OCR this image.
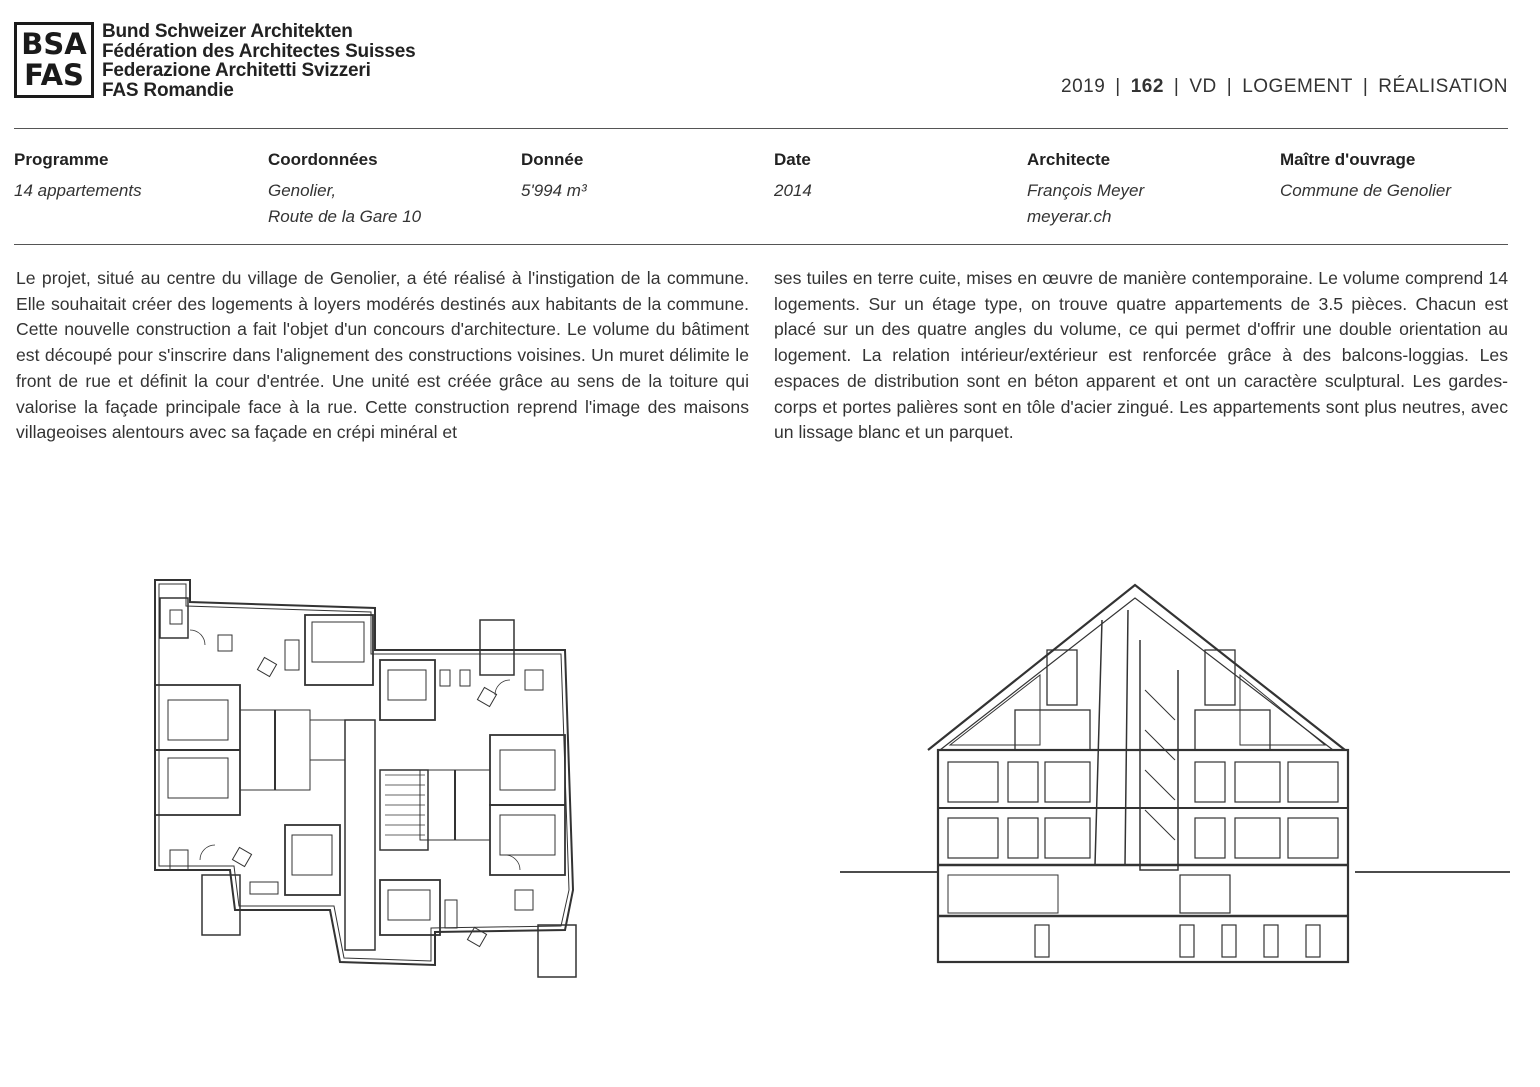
BSA
FAS
Bund Schweizer Architekten
Fédération des Architectes Suisses
Federazione Architetti Svizzeri
FAS Romandie	2019 | 162 | VD | LOGEMENT | RÉALISATION
Programme
14 appartements
Coordonnées
Genolier,
Route de la Gare 10
Donnée
5'994 m³
Date
2014
Architecte
François Meyer
meyerar.ch
Maître d'ouvrage
Commune de Genolier

Le projet, situé au centre du village de Genolier, a été réalisé à l'instigation de la commune. Elle souhaitait créer des logements à loyers modérés destinés aux habitants de la commune. Cette nouvelle construction a fait l'objet d'un concours d'architecture. Le volume du bâtiment est découpé pour s'inscrire dans l'alignement des constructions voisines. Un muret délimite le front de rue et définit la cour d'entrée. Une unité est créée grâce au sens de la toiture qui valorise la façade principale face à la rue. Cette construction reprend l'image des maisons villageoises alentours avec sa façade en crépi minéral et

ses tuiles en terre cuite, mises en œuvre de manière contemporaine. Le volume comprend 14 logements. Sur un étage type, on trouve quatre appartements de 3.5 pièces. Chacun est placé sur un des quatre angles du volume, ce qui permet d'offrir une double orientation au logement. La relation intérieur/extérieur est renforcée grâce à des balcons-loggias. Les espaces de distribution sont en béton apparent et ont un caractère sculptural. Les gardes-corps et portes palières sont en tôle d'acier zingué. Les appartements sont plus neutres, avec un lissage blanc et un parquet.
